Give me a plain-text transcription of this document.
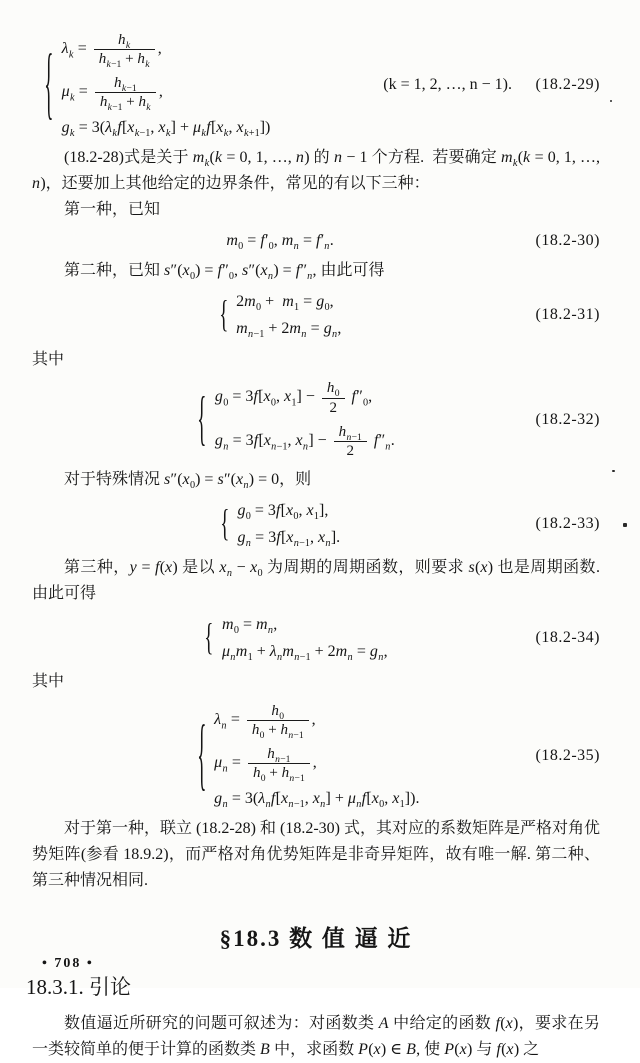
{ $\lambda_k = \frac{h_k}{h_{k-1} + h_k}$ ,
$\mu_k = \frac{h_{k-1}}{h_{k-1} + h_k}$ ,
$g_k = 3(\lambda_kf[x_{k-1}$, $x_k] + \mu_kf[x_k$, $x_{k+1}$])
(k = 1, 2, …, n − 1). (18.2-29)

(18.2-28)式是关于 $m_k(k = 0$, 1, …, n) 的 n − 1 个方程.  若要确定 $m_k(k = 0$, 1, …, n)，还要加上其他给定的边界条件，常见的有以下三种：

第一种，已知

$m_0 = f'_0$, $m_n = f'_n$.	(18.2-30)

第二种，已知 $s''(x_0) = f''_0$, $s''(x_n) = f''_n$, 由此可得

{ $2m_0 + m_1 = g_0$,
$m_{n-1} + 2m_n = g_n$,
(18.2-31)

其中

{ $g_0 = 3f[x_0$, $x_1] - \frac{h_0}{2} f''_0$,
$g_n = 3f[x_{n-1}$, $x_n] - \frac{h_{n-1}}{2} f''_n$.
(18.2-32)

对于特殊情况 $s''(x_0) = s''(x_n) = 0$，则

{ $g_0 = 3f[x_0$, $x_1$],
$g_n = 3f[x_{n-1}$, $x_n$].
(18.2-33)

第三种，y = f(x) 是以 $x_n - x_0$ 为周期的周期函数，则要求 s(x) 也是周期函数. 由此可得

{ $m_0 = m_n$,
$\mu_nm_1 + \lambda_nm_{n-1} + 2m_n = g_n$,
(18.2-34)

其中

{ $\lambda_n = \frac{h_0}{h_0 + h_{n-1}}$ ,
$\mu_n = \frac{h_{n-1}}{h_0 + h_{n-1}}$ ,
$g_n = 3(\lambda_nf[x_{n-1}$, $x_n] + \mu_nf[x_0$, $x_1$]).
(18.2-35)

对于第一种，联立 (18.2-28) 和 (18.2-30) 式，其对应的系数矩阵是严格对角优势矩阵(参看 18.9.2)，而严格对角优势矩阵是非奇异矩阵，故有唯一解. 第二种、第三种情况相同.

§18.3 数 值 逼 近
18.3.1. 引论

数值逼近所研究的问题可叙述为：对函数类 A 中给定的函数 f(x)，要求在另一类较简单的便于计算的函数类 B 中，求函数 P(x) ∈ B, 使 P(x) 与 f(x) 之

• 708 •
